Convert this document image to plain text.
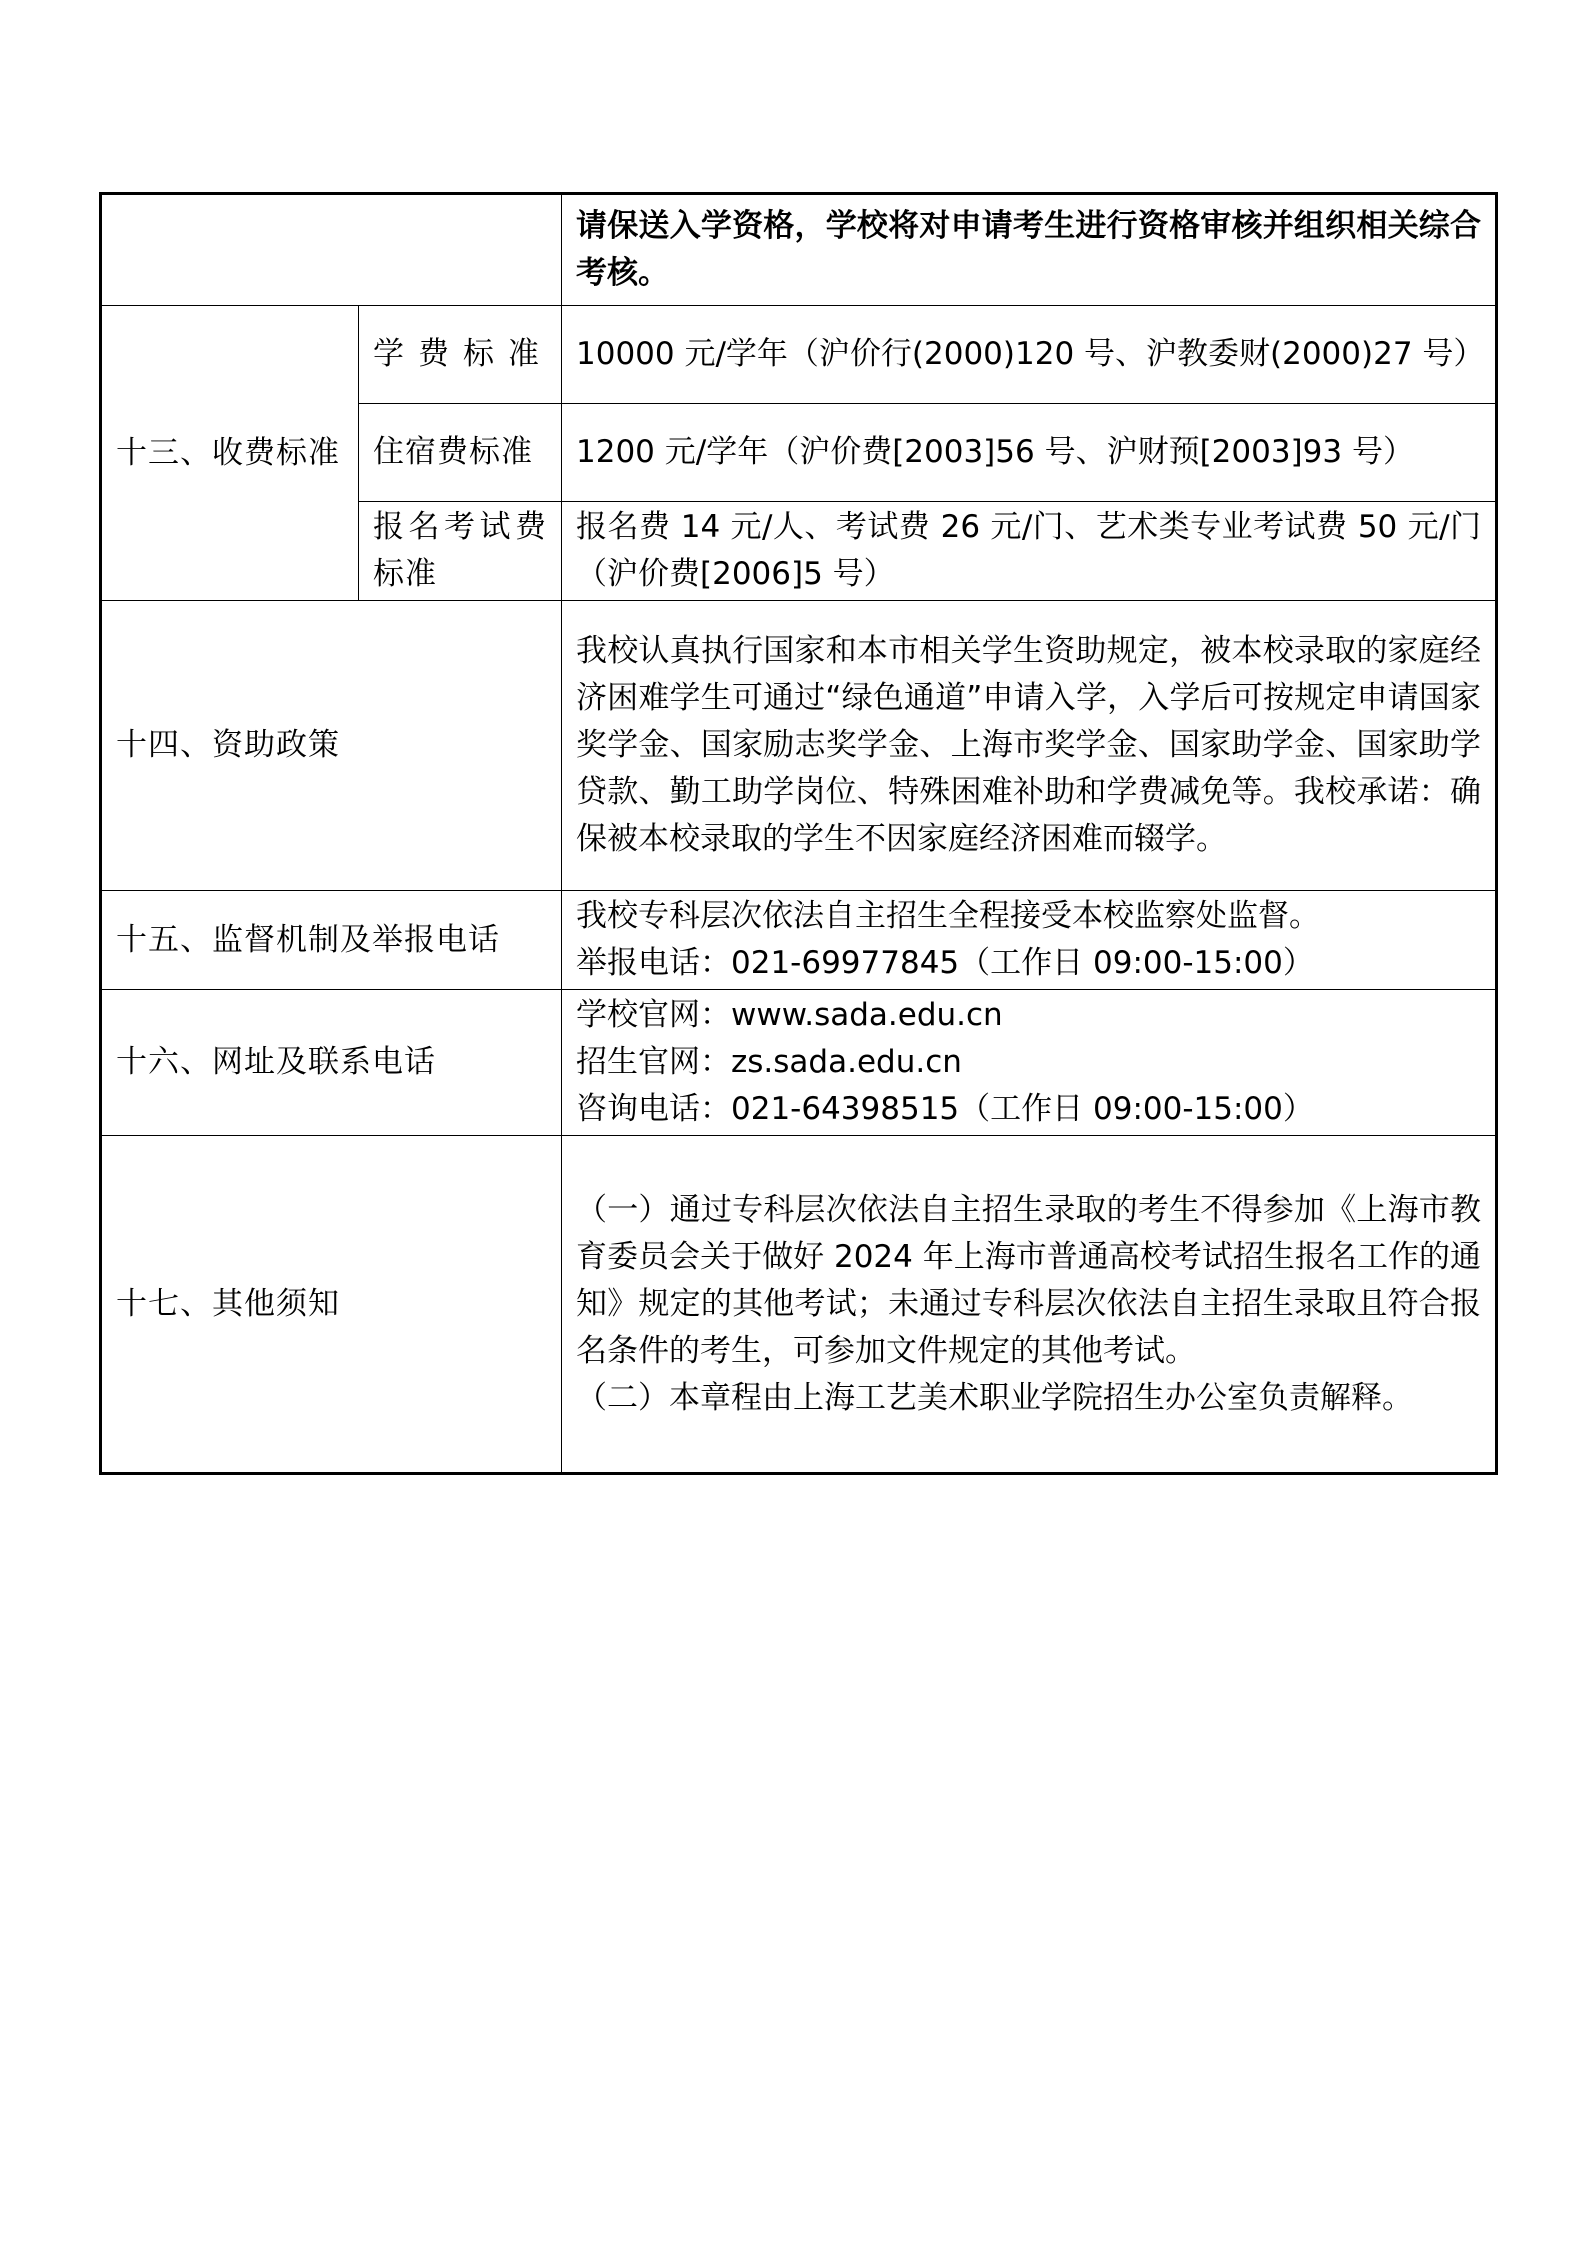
		请保送入学资格，学校将对申请考生进行资格审核并组织相关综合考核。
十三、收费标准	学费标准	10000 元/学年（沪价行(2000)120 号、沪教委财(2000)27 号）
	住宿费标准	1200 元/学年（沪价费[2003]56 号、沪财预[2003]93 号）
	报名考试费标准	报名费 14 元/人、考试费 26 元/门、艺术类专业考试费 50 元/门（沪价费[2006]5 号）
十四、资助政策		我校认真执行国家和本市相关学生资助规定，被本校录取的家庭经济困难学生可通过“绿色通道”申请入学，入学后可按规定申请国家奖学金、国家励志奖学金、上海市奖学金、国家助学金、国家助学贷款、勤工助学岗位、特殊困难补助和学费减免等。我校承诺：确保被本校录取的学生不因家庭经济困难而辍学。
十五、监督机制及举报电话		我校专科层次依法自主招生全程接受本校监察处监督。
举报电话：021-69977845（工作日 09:00-15:00）

十六、网址及联系电话		学校官网：www.sada.edu.cn
招生官网：zs.sada.edu.cn
咨询电话：021-64398515（工作日 09:00-15:00）

十七、其他须知		（一）通过专科层次依法自主招生录取的考生不得参加《上海市教育委员会关于做好 2024 年上海市普通高校考试招生报名工作的通知》规定的其他考试；未通过专科层次依法自主招生录取且符合报名条件的考生，可参加文件规定的其他考试。

（二）本章程由上海工艺美术职业学院招生办公室负责解释。
